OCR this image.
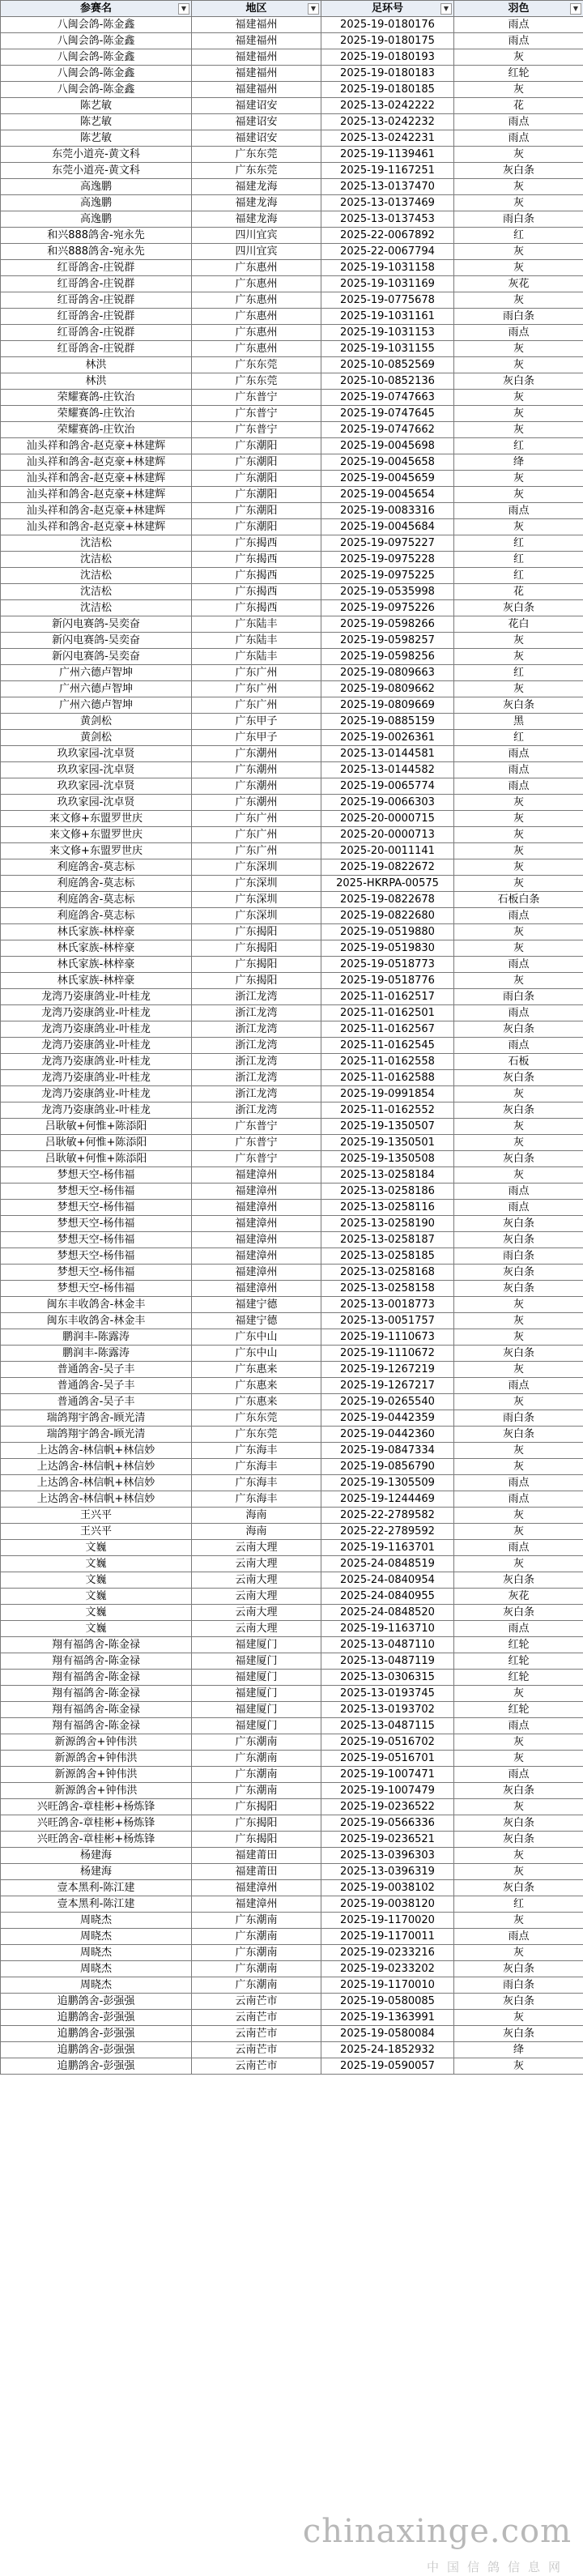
参赛名 ▼	地区 ▼	足环号 ▼	羽色 ▼

八闽会鸽-陈金鑫	福建福州	2025-19-0180176	雨点
八闽会鸽-陈金鑫	福建福州	2025-19-0180175	雨点
八闽会鸽-陈金鑫	福建福州	2025-19-0180193	灰
八闽会鸽-陈金鑫	福建福州	2025-19-0180183	红轮
八闽会鸽-陈金鑫	福建福州	2025-19-0180185	灰
陈艺敏	福建诏安	2025-13-0242222	花
陈艺敏	福建诏安	2025-13-0242232	雨点
陈艺敏	福建诏安	2025-13-0242231	雨点
东莞小道亮-黄文科	广东东莞	2025-19-1139461	灰
东莞小道亮-黄文科	广东东莞	2025-19-1167251	灰白条
高逸鹏	福建龙海	2025-13-0137470	灰
高逸鹏	福建龙海	2025-13-0137469	灰
高逸鹏	福建龙海	2025-13-0137453	雨白条
和兴888鸽舍-宛永先	四川宜宾	2025-22-0067892	红
和兴888鸽舍-宛永先	四川宜宾	2025-22-0067794	灰
红哥鸽舍-庄锐群	广东惠州	2025-19-1031158	灰
红哥鸽舍-庄锐群	广东惠州	2025-19-1031169	灰花
红哥鸽舍-庄锐群	广东惠州	2025-19-0775678	灰
红哥鸽舍-庄锐群	广东惠州	2025-19-1031161	雨白条
红哥鸽舍-庄锐群	广东惠州	2025-19-1031153	雨点
红哥鸽舍-庄锐群	广东惠州	2025-19-1031155	灰
林洪	广东东莞	2025-10-0852569	灰
林洪	广东东莞	2025-10-0852136	灰白条
荣耀赛鸽-庄钦治	广东普宁	2025-19-0747663	灰
荣耀赛鸽-庄钦治	广东普宁	2025-19-0747645	灰
荣耀赛鸽-庄钦治	广东普宁	2025-19-0747662	灰
汕头祥和鸽舍-赵克豪+林建辉	广东潮阳	2025-19-0045698	红
汕头祥和鸽舍-赵克豪+林建辉	广东潮阳	2025-19-0045658	绛
汕头祥和鸽舍-赵克豪+林建辉	广东潮阳	2025-19-0045659	灰
汕头祥和鸽舍-赵克豪+林建辉	广东潮阳	2025-19-0045654	灰
汕头祥和鸽舍-赵克豪+林建辉	广东潮阳	2025-19-0083316	雨点
汕头祥和鸽舍-赵克豪+林建辉	广东潮阳	2025-19-0045684	灰
沈洁松	广东揭西	2025-19-0975227	红
沈洁松	广东揭西	2025-19-0975228	红
沈洁松	广东揭西	2025-19-0975225	红
沈洁松	广东揭西	2025-19-0535998	花
沈洁松	广东揭西	2025-19-0975226	灰白条
新闪电赛鸽-吴奕奋	广东陆丰	2025-19-0598266	花白
新闪电赛鸽-吴奕奋	广东陆丰	2025-19-0598257	灰
新闪电赛鸽-吴奕奋	广东陆丰	2025-19-0598256	灰
广州六德卢智坤	广东广州	2025-19-0809663	红
广州六德卢智坤	广东广州	2025-19-0809662	灰
广州六德卢智坤	广东广州	2025-19-0809669	灰白条
黄剑松	广东甲子	2025-19-0885159	黑
黄剑松	广东甲子	2025-19-0026361	红
玖玖家园-沈卓贤	广东潮州	2025-13-0144581	雨点
玖玖家园-沈卓贤	广东潮州	2025-13-0144582	雨点
玖玖家园-沈卓贤	广东潮州	2025-19-0065774	雨点
玖玖家园-沈卓贤	广东潮州	2025-19-0066303	灰
来文修+东盟罗世庆	广东广州	2025-20-0000715	灰
来文修+东盟罗世庆	广东广州	2025-20-0000713	灰
来文修+东盟罗世庆	广东广州	2025-20-0011141	灰
利庭鸽舍-莫志标	广东深圳	2025-19-0822672	灰
利庭鸽舍-莫志标	广东深圳	2025-HKRPA-00575	灰
利庭鸽舍-莫志标	广东深圳	2025-19-0822678	石板白条
利庭鸽舍-莫志标	广东深圳	2025-19-0822680	雨点
林氏家族-林梓豪	广东揭阳	2025-19-0519880	灰
林氏家族-林梓豪	广东揭阳	2025-19-0519830	灰
林氏家族-林梓豪	广东揭阳	2025-19-0518773	雨点
林氏家族-林梓豪	广东揭阳	2025-19-0518776	灰
龙湾乃姿康鸽业-叶桂龙	浙江龙湾	2025-11-0162517	雨白条
龙湾乃姿康鸽业-叶桂龙	浙江龙湾	2025-11-0162501	雨点
龙湾乃姿康鸽业-叶桂龙	浙江龙湾	2025-11-0162567	灰白条
龙湾乃姿康鸽业-叶桂龙	浙江龙湾	2025-11-0162545	雨点
龙湾乃姿康鸽业-叶桂龙	浙江龙湾	2025-11-0162558	石板
龙湾乃姿康鸽业-叶桂龙	浙江龙湾	2025-11-0162588	灰白条
龙湾乃姿康鸽业-叶桂龙	浙江龙湾	2025-19-0991854	灰
龙湾乃姿康鸽业-叶桂龙	浙江龙湾	2025-11-0162552	灰白条
吕耿敏+何惟+陈添阳	广东普宁	2025-19-1350507	灰
吕耿敏+何惟+陈添阳	广东普宁	2025-19-1350501	灰
吕耿敏+何惟+陈添阳	广东普宁	2025-19-1350508	灰白条
梦想天空-杨伟福	福建漳州	2025-13-0258184	灰
梦想天空-杨伟福	福建漳州	2025-13-0258186	雨点
梦想天空-杨伟福	福建漳州	2025-13-0258116	雨点
梦想天空-杨伟福	福建漳州	2025-13-0258190	灰白条
梦想天空-杨伟福	福建漳州	2025-13-0258187	灰白条
梦想天空-杨伟福	福建漳州	2025-13-0258185	雨白条
梦想天空-杨伟福	福建漳州	2025-13-0258168	灰白条
梦想天空-杨伟福	福建漳州	2025-13-0258158	灰白条
闽东丰收鸽舍-林金丰	福建宁德	2025-13-0018773	灰
闽东丰收鸽舍-林金丰	福建宁德	2025-13-0051757	灰
鹏润丰-陈露涛	广东中山	2025-19-1110673	灰
鹏润丰-陈露涛	广东中山	2025-19-1110672	灰白条
普通鸽舍-吴子丰	广东惠来	2025-19-1267219	灰
普通鸽舍-吴子丰	广东惠来	2025-19-1267217	雨点
普通鸽舍-吴子丰	广东惠来	2025-19-0265540	灰
瑞鸽翔宇鸽舍-顾光清	广东东莞	2025-19-0442359	雨白条
瑞鸽翔宇鸽舍-顾光清	广东东莞	2025-19-0442360	灰白条
上达鸽舍-林信帆+林信妙	广东海丰	2025-19-0847334	灰
上达鸽舍-林信帆+林信妙	广东海丰	2025-19-0856790	灰
上达鸽舍-林信帆+林信妙	广东海丰	2025-19-1305509	雨点
上达鸽舍-林信帆+林信妙	广东海丰	2025-19-1244469	雨点
王兴平	海南	2025-22-2789582	灰
王兴平	海南	2025-22-2789592	灰
文巍	云南大理	2025-19-1163701	雨点
文巍	云南大理	2025-24-0848519	灰
文巍	云南大理	2025-24-0840954	灰白条
文巍	云南大理	2025-24-0840955	灰花
文巍	云南大理	2025-24-0848520	灰白条
文巍	云南大理	2025-19-1163710	雨点
翔有福鸽舍-陈金禄	福建厦门	2025-13-0487110	红轮
翔有福鸽舍-陈金禄	福建厦门	2025-13-0487119	红轮
翔有福鸽舍-陈金禄	福建厦门	2025-13-0306315	红轮
翔有福鸽舍-陈金禄	福建厦门	2025-13-0193745	灰
翔有福鸽舍-陈金禄	福建厦门	2025-13-0193702	红轮
翔有福鸽舍-陈金禄	福建厦门	2025-13-0487115	雨点
新源鸽舍+钟伟洪	广东潮南	2025-19-0516702	灰
新源鸽舍+钟伟洪	广东潮南	2025-19-0516701	灰
新源鸽舍+钟伟洪	广东潮南	2025-19-1007471	雨点
新源鸽舍+钟伟洪	广东潮南	2025-19-1007479	灰白条
兴旺鸽舍-章桂彬+杨炼锋	广东揭阳	2025-19-0236522	灰
兴旺鸽舍-章桂彬+杨炼锋	广东揭阳	2025-19-0566336	灰白条
兴旺鸽舍-章桂彬+杨炼锋	广东揭阳	2025-19-0236521	灰白条
杨建海	福建莆田	2025-13-0396303	灰
杨建海	福建莆田	2025-13-0396319	灰
壹本黑利-陈江建	福建漳州	2025-19-0038102	灰白条
壹本黑利-陈江建	福建漳州	2025-19-0038120	红
周晓杰	广东潮南	2025-19-1170020	灰
周晓杰	广东潮南	2025-19-1170011	雨点
周晓杰	广东潮南	2025-19-0233216	灰
周晓杰	广东潮南	2025-19-0233202	灰白条
周晓杰	广东潮南	2025-19-1170010	雨白条
追鹏鸽舍-彭强强	云南芒市	2025-19-0580085	灰白条
追鹏鸽舍-彭强强	云南芒市	2025-19-1363991	灰
追鹏鸽舍-彭强强	云南芒市	2025-19-0580084	灰白条
追鹏鸽舍-彭强强	云南芒市	2025-24-1852932	绛
追鹏鸽舍-彭强强	云南芒市	2025-19-0590057	灰
chinaxinge.com
中国信鸽信息网
